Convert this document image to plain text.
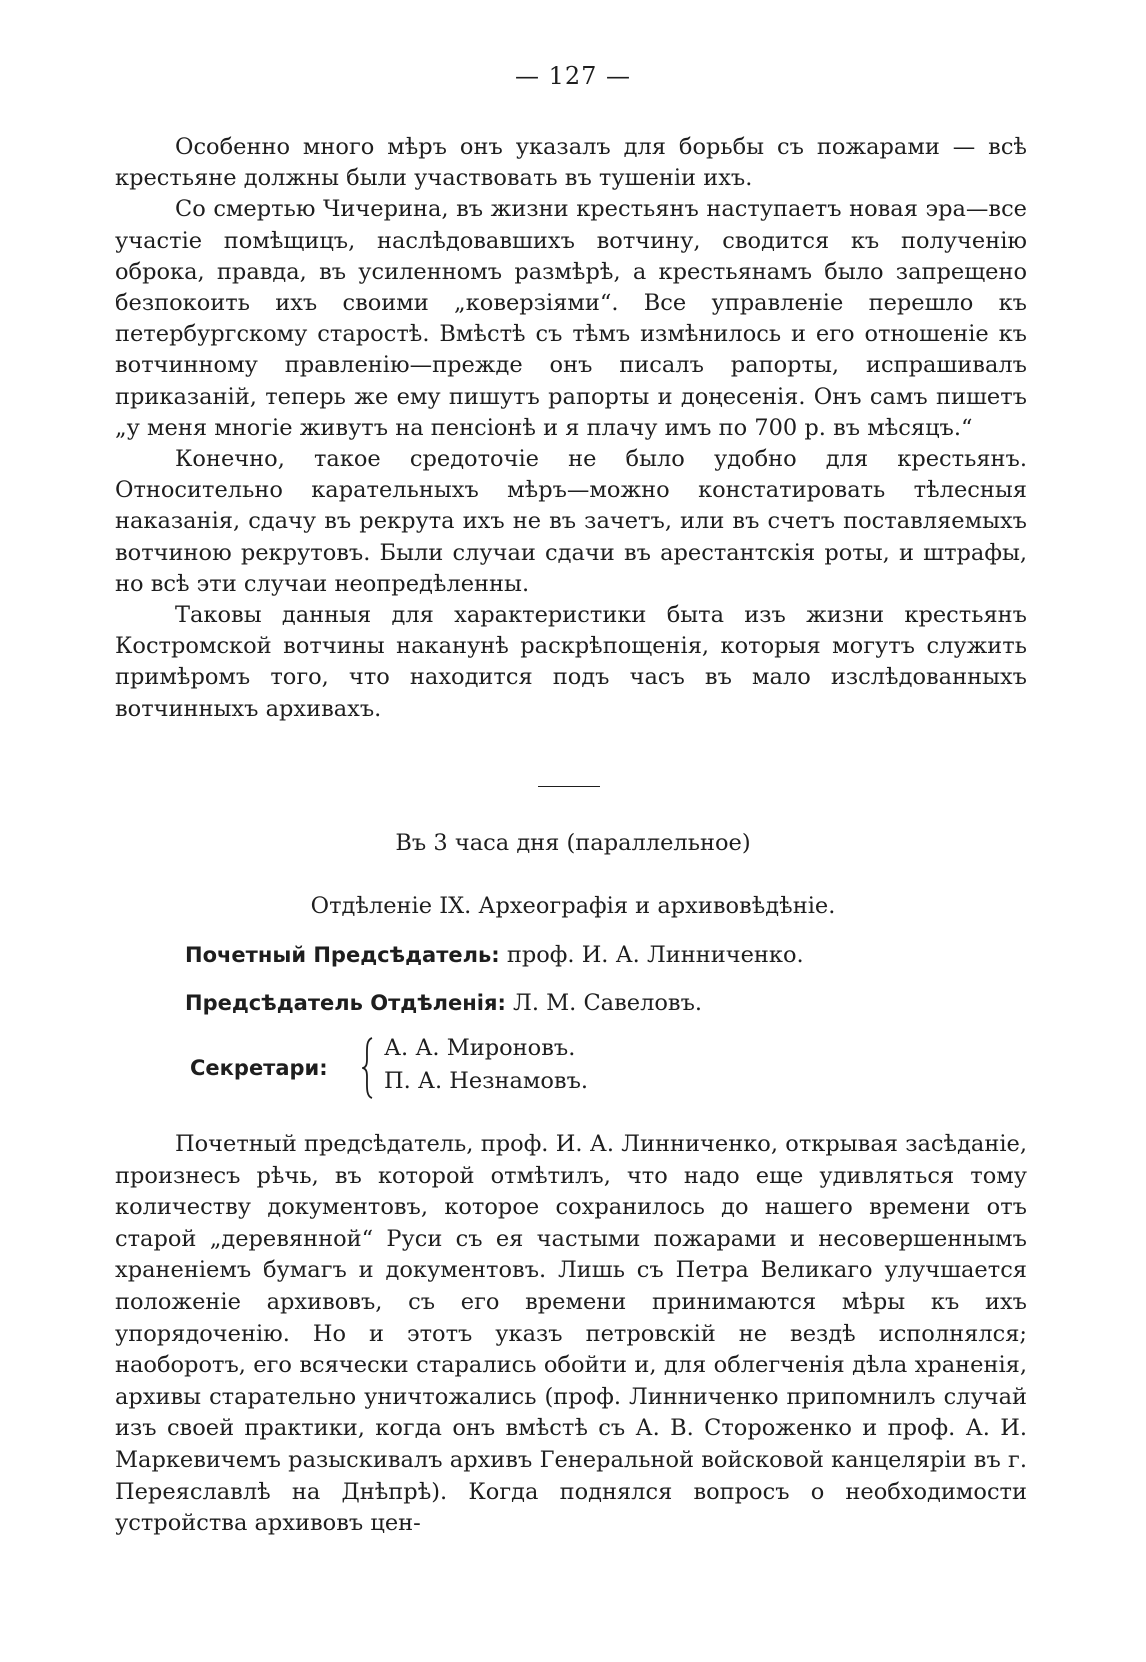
— 127 —

Особенно много мѣръ онъ указалъ для борьбы съ пожарами — всѣ крестьяне должны были участвовать въ тушеніи ихъ.

Со смертью Чичерина, въ жизни крестьянъ наступаетъ новая эра—все участіе помѣщицъ, наслѣдовавшихъ вотчину, сводится къ полученію оброка, правда, въ усиленномъ размѣрѣ, а крестьянамъ было запрещено безпокоить ихъ своими „коверзіями“. Все управленіе перешло къ петербургскому старостѣ. Вмѣстѣ съ тѣмъ измѣнилось и его отношеніе къ вотчинному правленію—прежде онъ писалъ рапорты, испрашивалъ приказаній, теперь же ему пишутъ рапорты и доңесенія. Онъ самъ пишетъ „у меня многіе живутъ на пенсіонѣ и я плачу имъ по 700 р. въ мѣсяцъ.“

Конечно, такое средоточіе не было удобно для крестьянъ. Относительно карательныхъ мѣръ—можно констатировать тѣлесныя наказанія, сдачу въ рекрута ихъ не въ зачетъ, или въ счетъ поставляемыхъ вотчиною рекрутовъ. Были случаи сдачи въ арестантскія роты, и штрафы, но всѣ эти случаи неопредѣленны.

Таковы данныя для характеристики быта изъ жизни крестьянъ Костромской вотчины наканунѣ раскрѣпощенія, которыя могутъ служить примѣромъ того, что находится подъ часъ въ мало изслѣдованныхъ вотчинныхъ архивахъ.

Въ 3 часа дня (параллельное)
Отдѣленіе IX. Археографія и архивовѣдѣніе.
Почетный Предсѣдатель: проф. И. А. Линниченко.
Предсѣдатель Отдѣленія: Л. М. Савеловъ.
Секретари:
А. А. Мироновъ.
П. А. Незнамовъ.

Почетный предсѣдатель, проф. И. А. Линниченко, открывая засѣданіе, произнесъ рѣчь, въ которой отмѣтилъ, что надо еще удивляться тому количеству документовъ, которое сохранилось до нашего времени отъ старой „деревянной“ Руси съ ея частыми пожарами и несовершеннымъ храненіемъ бумагъ и документовъ. Лишь съ Петра Великаго улучшается положеніе архивовъ, съ его времени принимаются мѣры къ ихъ упорядоченію. Но и этотъ указъ петровскій не вездѣ исполнялся; наоборотъ, его всячески старались обойти и, для облегченія дѣла храненія, архивы старательно уничтожались (проф. Линниченко припомнилъ случай изъ своей практики, когда онъ вмѣстѣ съ А. В. Стороженко и проф. А. И. Маркевичемъ разыскивалъ архивъ Генеральной войсковой канцеляріи въ г. Переяславлѣ на Днѣпрѣ). Когда поднялся вопросъ о необходимости устройства архивовъ цен-
